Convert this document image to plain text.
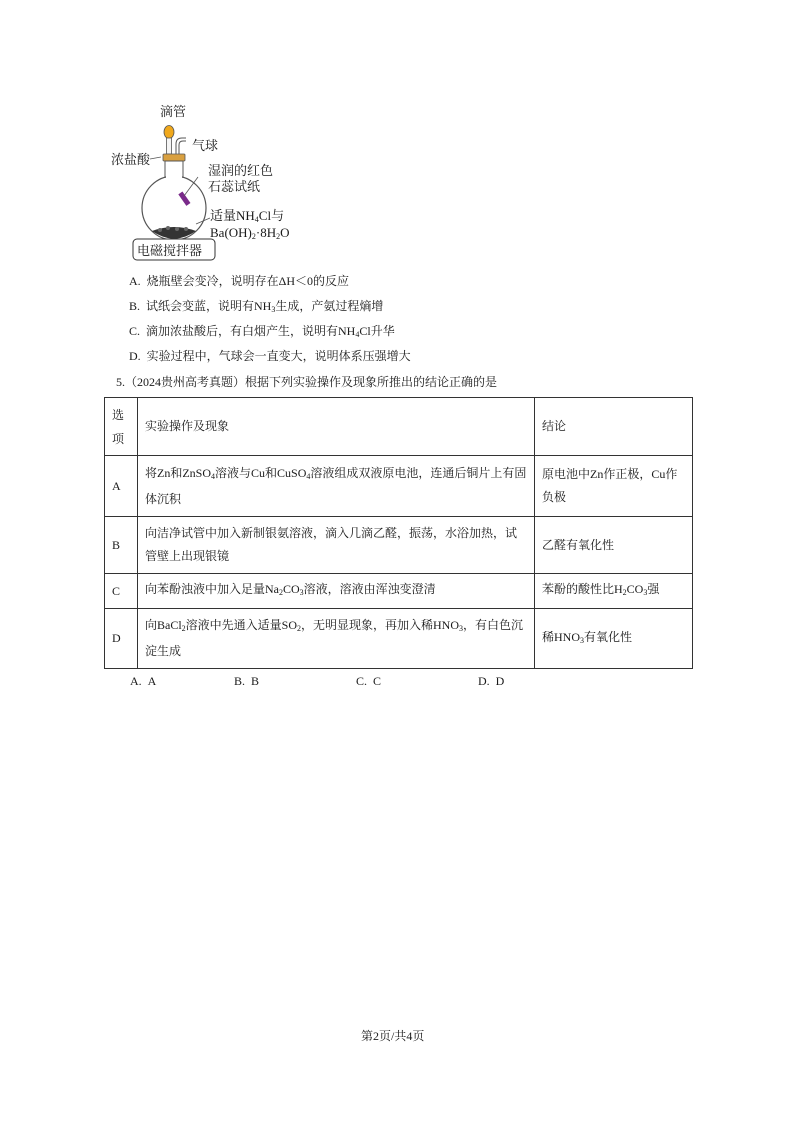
滴管
气球
浓盐酸
湿润的红色
石蕊试纸
适量$NH_4Cl$与
$Ba(OH)_2\cdot 8H_2O$
电磁搅拌器
A. 烧瓶壁会变冷，说明存在ΔH＜0的反应
B. 试纸会变蓝，说明有$NH_3$生成，产氨过程熵增
C. 滴加浓盐酸后，有白烟产生，说明有$NH_4Cl$升华
D. 实验过程中，气球会一直变大，说明体系压强增大
5.（2024贵州高考真题）根据下列实验操作及现象所推出的结论正确的是
选项	实验操作及现象	结论
A	将Zn和ZnSO$_4$溶液与Cu和CuSO$_4$溶液组成双液原电池，连通后铜片上有固体沉积	原电池中Zn作正极，Cu作负极
B	向洁净试管中加入新制银氨溶液，滴入几滴乙醛，振荡，水浴加热，试管壁上出现银镜	乙醛有氧化性
C	向苯酚浊液中加入足量$Na_2CO_3$溶液，溶液由浑浊变澄清	苯酚的酸性比$H_2CO_3$强
D	向BaCl$_2$溶液中先通入适量$SO_2$，无明显现象，再加入稀$HNO_3$，有白色沉淀生成	稀$HNO_3$有氧化性
A. A	B. B	C. C	D. D
第2页/共4页
